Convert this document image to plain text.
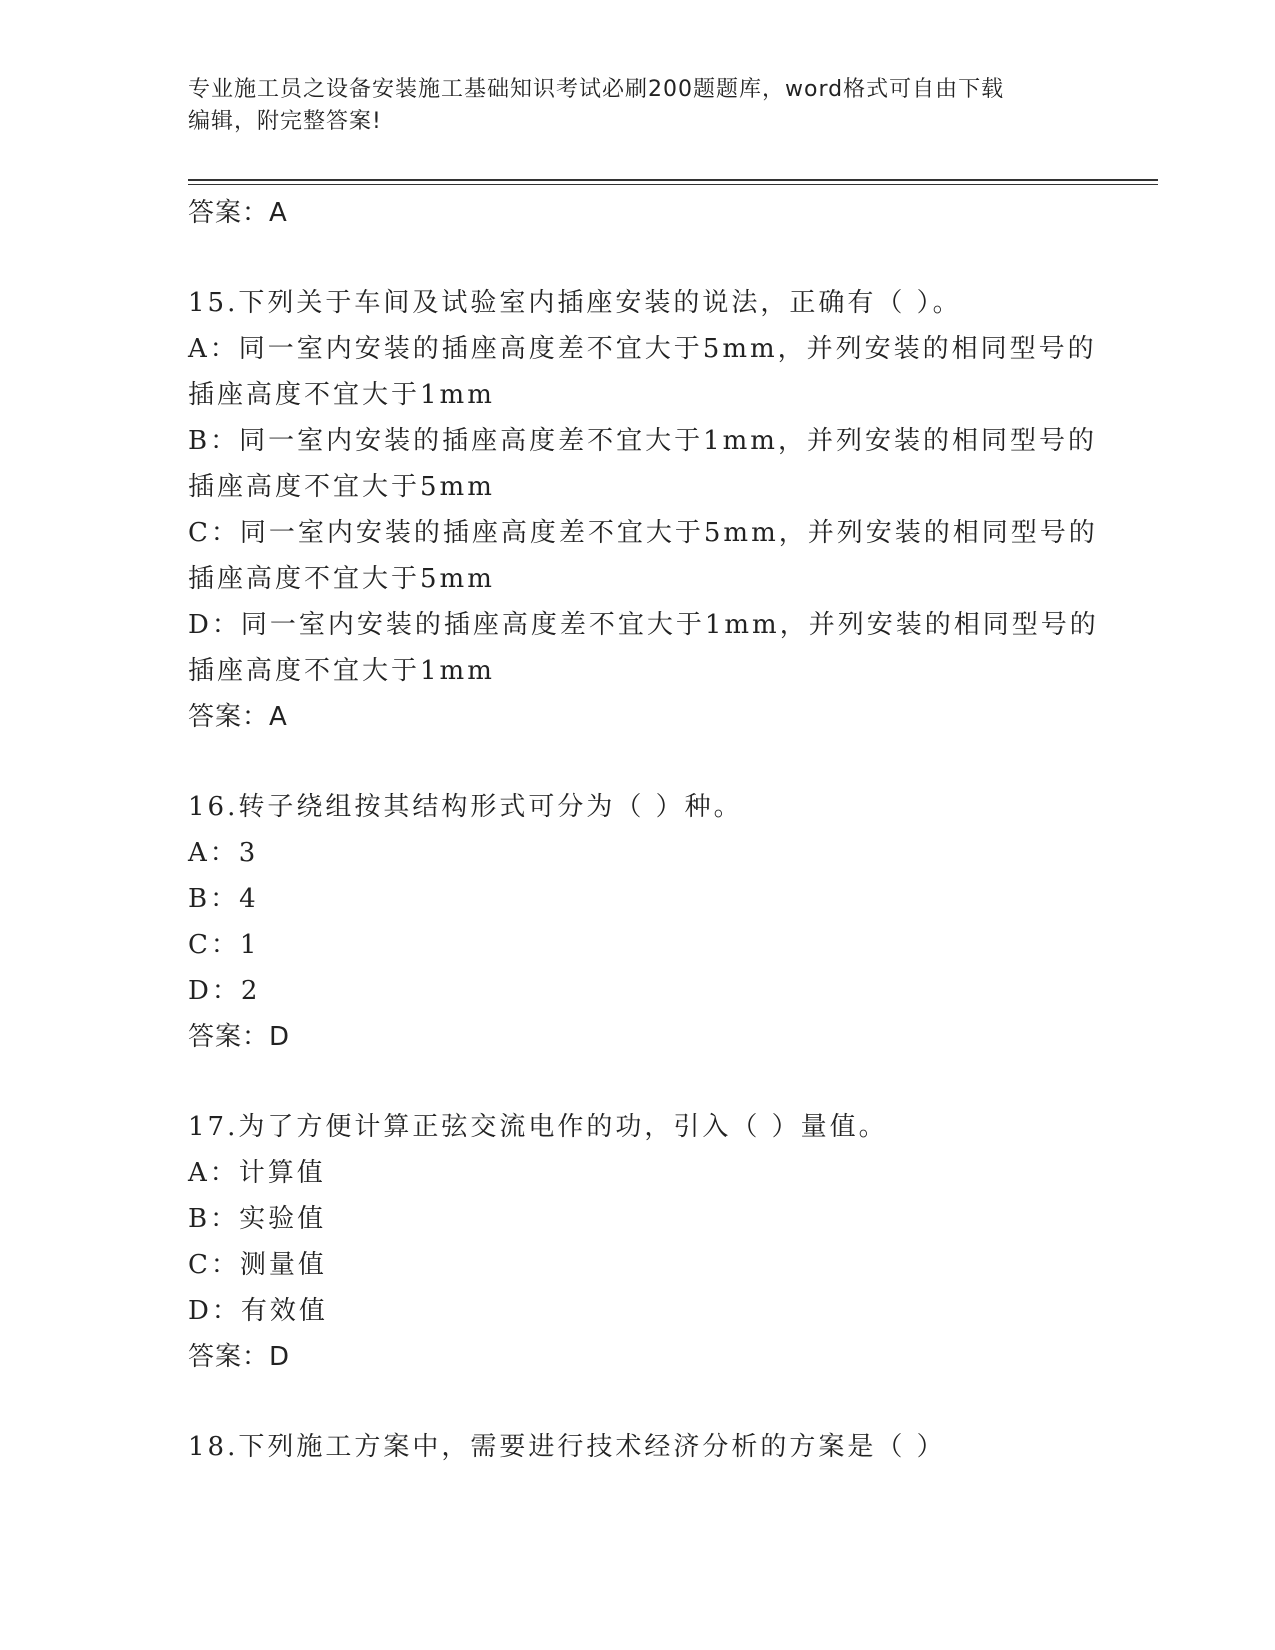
专业施工员之设备安装施工基础知识考试必刷200题题库，word格式可自由下载
编辑，附完整答案!
答案：A
15.下列关于车间及试验室内插座安装的说法，正确有（ ）。
A：同一室内安装的插座高度差不宜大于5mm，并列安装的相同型号的
插座高度不宜大于1mm
B：同一室内安装的插座高度差不宜大于1mm，并列安装的相同型号的
插座高度不宜大于5mm
C：同一室内安装的插座高度差不宜大于5mm，并列安装的相同型号的
插座高度不宜大于5mm
D：同一室内安装的插座高度差不宜大于1mm，并列安装的相同型号的
插座高度不宜大于1mm
答案：A
16.转子绕组按其结构形式可分为（ ）种。
A：3
B：4
C：1
D：2
答案：D
17.为了方便计算正弦交流电作的功，引入（ ）量值。
A：计算值
B：实验值
C：测量值
D：有效值
答案：D
18.下列施工方案中，需要进行技术经济分析的方案是（ ）
